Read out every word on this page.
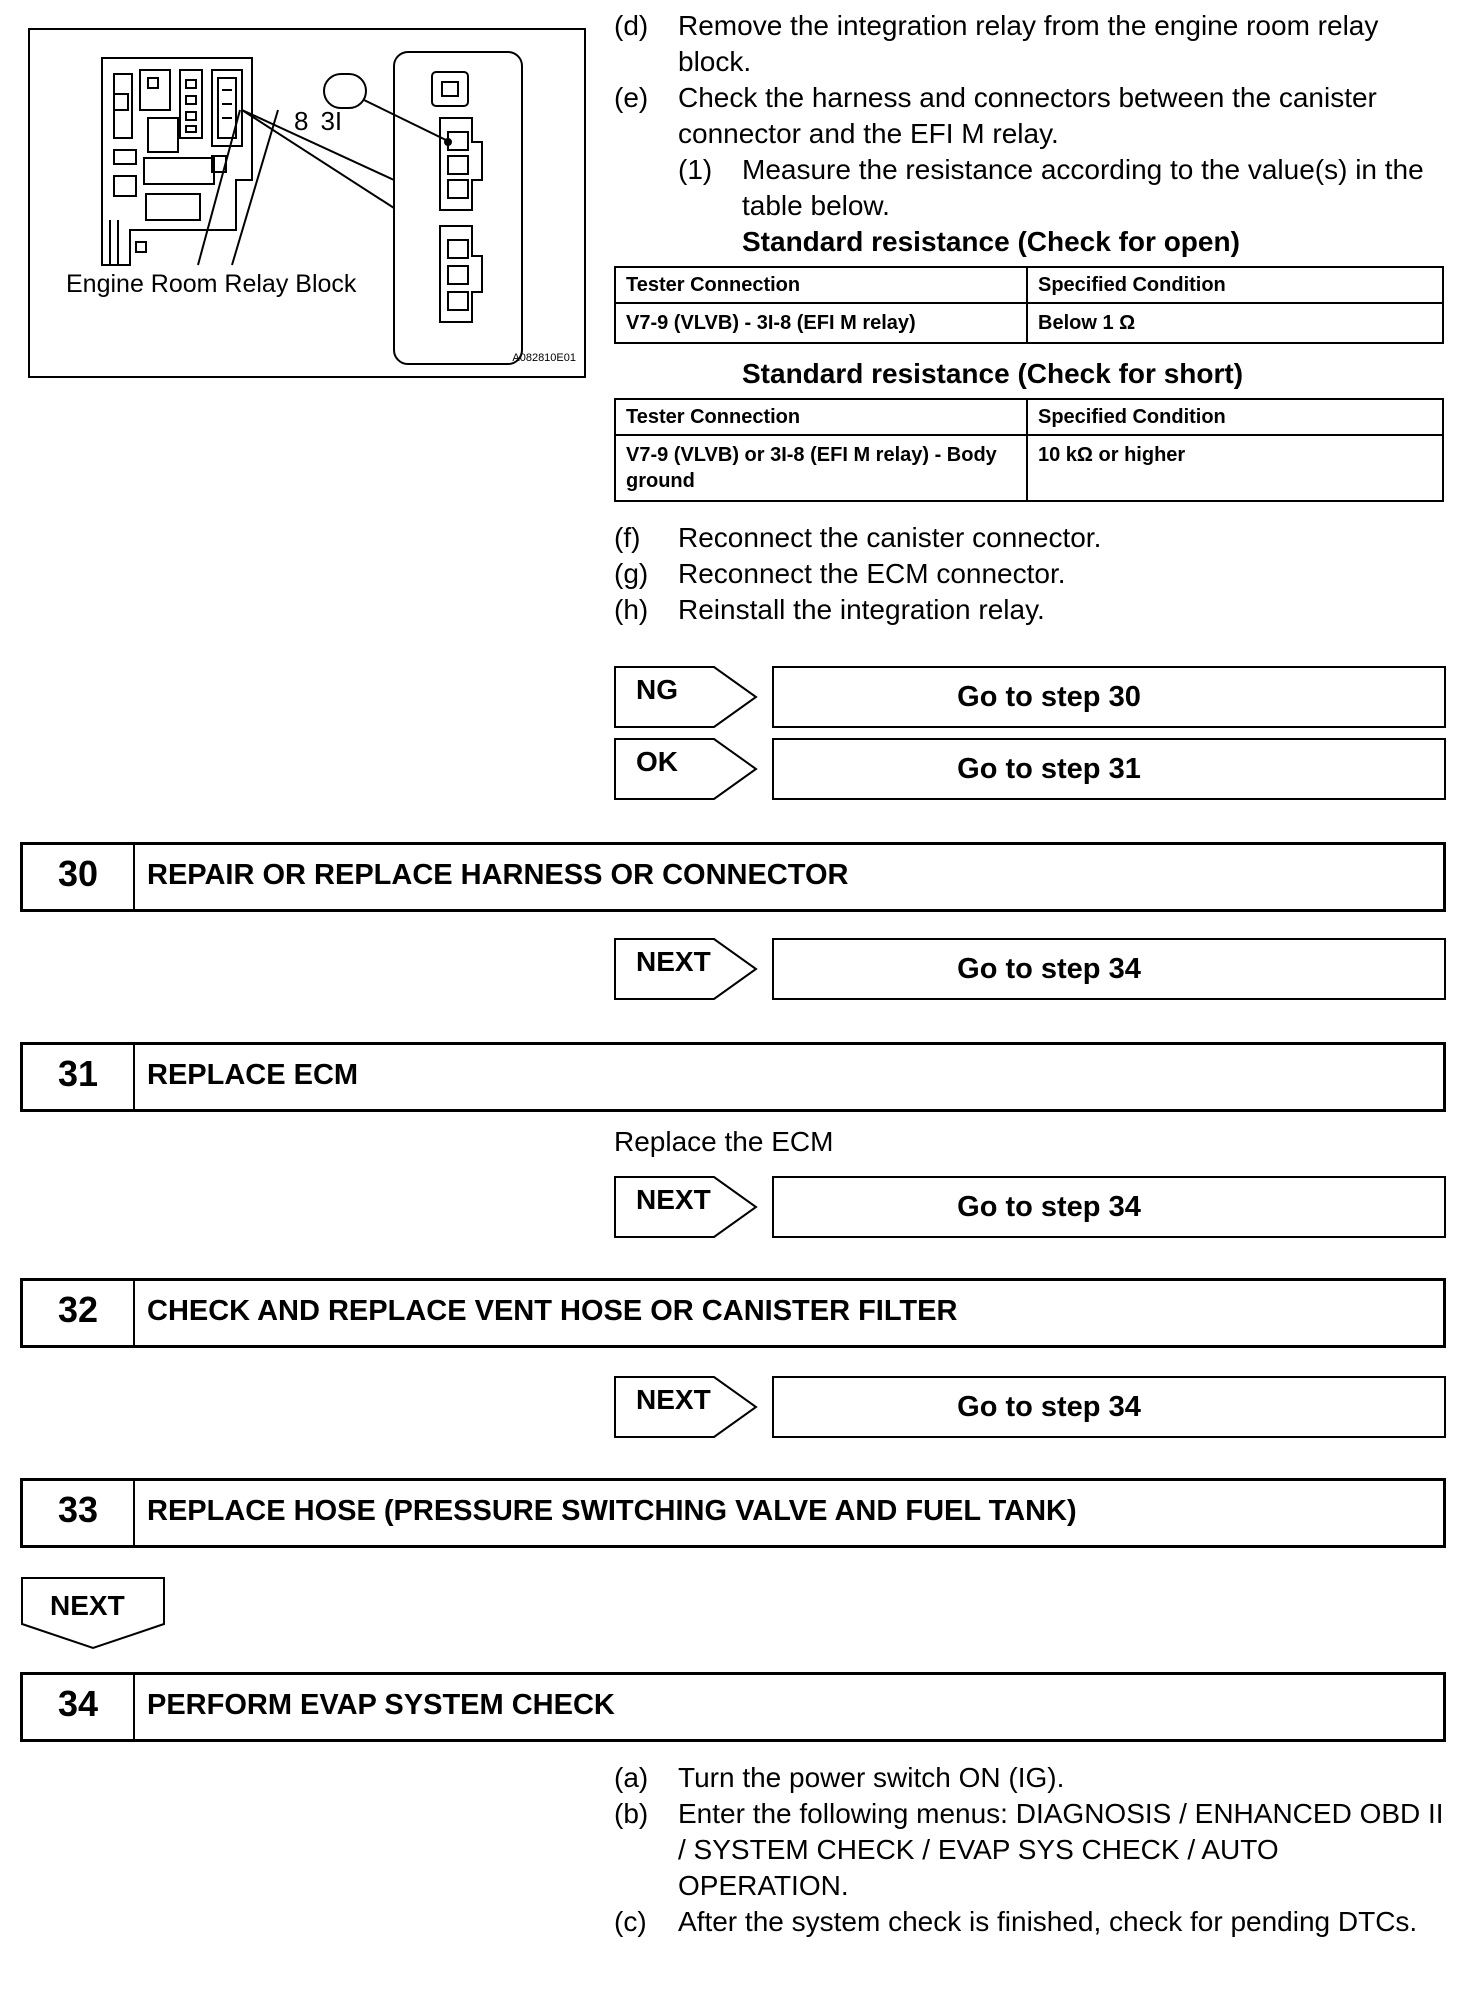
8 3I
Engine Room Relay Block
A082810E01
(d)	Remove the integration relay from the engine room relay block.
(e)	Check the harness and connectors between the canister connector and the EFI M relay.
(1)	Measure the resistance according to the value(s) in the table below.
Standard resistance (Check for open)
Tester Connection	Specified Condition
V7-9 (VLVB) - 3I-8 (EFI M relay)	Below 1 Ω
Standard resistance (Check for short)
Tester Connection	Specified Condition
V7-9 (VLVB) or 3I-8 (EFI M relay) - Body ground	10 kΩ or higher
(f)	Reconnect the canister connector.
(g)	Reconnect the ECM connector.
(h)	Reinstall the integration relay.
NG	Go to step 30
OK	Go to step 31
30	REPAIR OR REPLACE HARNESS OR CONNECTOR
NEXT	Go to step 34
31	REPLACE ECM
Replace the ECM
NEXT	Go to step 34
32	CHECK AND REPLACE VENT HOSE OR CANISTER FILTER
NEXT	Go to step 34
33	REPLACE HOSE (PRESSURE SWITCHING VALVE AND FUEL TANK)
NEXT
34	PERFORM EVAP SYSTEM CHECK
(a)	Turn the power switch ON (IG).
(b)	Enter the following menus: DIAGNOSIS / ENHANCED OBD II / SYSTEM CHECK / EVAP SYS CHECK / AUTO OPERATION.
(c)	After the system check is finished, check for pending DTCs.
